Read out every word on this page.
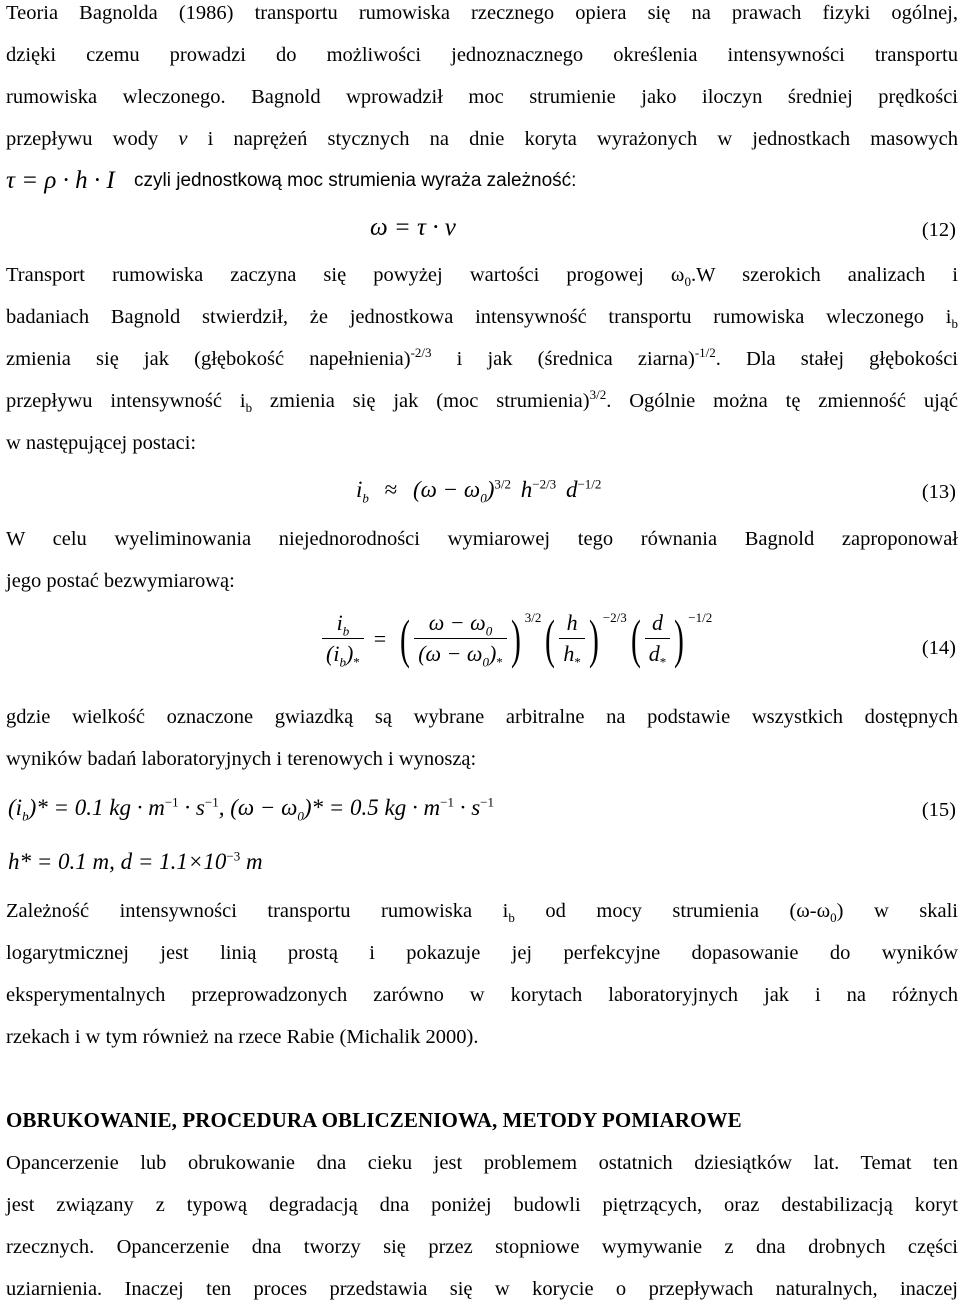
Teoria Bagnolda (1986) transportu rumowiska rzecznego opiera się na prawach fizyki ogólnej,
dzięki czemu prowadzi do możliwości jednoznacznego określenia intensywności transportu
rumowiska wleczonego. Bagnold wprowadził moc strumienie jako iloczyn średniej prędkości
przepływu wody v i naprężeń stycznych na dnie koryta wyrażonych w jednostkach masowych
τ = ρ · h · I czyli jednostkową moc strumienia wyraża zależność:
ω = τ · v	(12)
Transport rumowiska zaczyna się powyżej wartości progowej $\omega_0.W$ szerokich analizach i
badaniach Bagnold stwierdził, że jednostkowa intensywność transportu rumowiska wleczonego $i_b$
zmienia się jak (głębokość napełnienia)$^{-2/3}$ i jak (średnica ziarna)$^{-1/2}$. Dla stałej głębokości
przepływu intensywność $i_b$ zmienia się jak (moc strumienia)$^{3/2}$. Ogólnie można tę zmienność ująć
w następującej postaci:
$i_b \approx (\omega - \omega_0)^{3/2}$ $h^{-2/3}$ $d^{-1/2}$	(13)
W celu wyeliminowania niejednorodności wymiarowej tego równania Bagnold zaproponował
jego postać bezwymiarową:
$\frac{i_b}{(i_b)_*}$ = ( $\frac{\omega - \omega_0}{(\omega - \omega_0)_*}$ ) 3/2 ( $\frac{h}{h_*}$ ) −2/3 ( $\frac{d}{d_*}$ ) −1/2
(14)
gdzie wielkość oznaczone gwiazdką są wybrane arbitralne na podstawie wszystkich dostępnych
wyników badań laboratoryjnych i terenowych i wynoszą:
$(i_b)* = 0.1$ kg · $m^{-1} \cdot s^{-1}$, $(\omega - \omega_0)* = 0.5$ kg · $m^{-1} \cdot s^{-1}$	(15)
h* = 0.1 m, $d = 1.1\times 10^{-3}$ m
Zależność intensywności transportu rumowiska $i_b$ od mocy strumienia $(\omega-\omega_0)$ w skali
logarytmicznej jest linią prostą i pokazuje jej perfekcyjne dopasowanie do wyników
eksperymentalnych przeprowadzonych zarówno w korytach laboratoryjnych jak i na różnych
rzekach i w tym również na rzece Rabie (Michalik 2000).
OBRUKOWANIE, PROCEDURA OBLICZENIOWA, METODY POMIAROWE
Opancerzenie lub obrukowanie dna cieku jest problemem ostatnich dziesiątków lat. Temat ten
jest związany z typową degradacją dna poniżej budowli piętrzących, oraz destabilizacją koryt
rzecznych. Opancerzenie dna tworzy się przez stopniowe wymywanie z dna drobnych części
uziarnienia. Inaczej ten proces przedstawia się w korycie o przepływach naturalnych, inaczej
